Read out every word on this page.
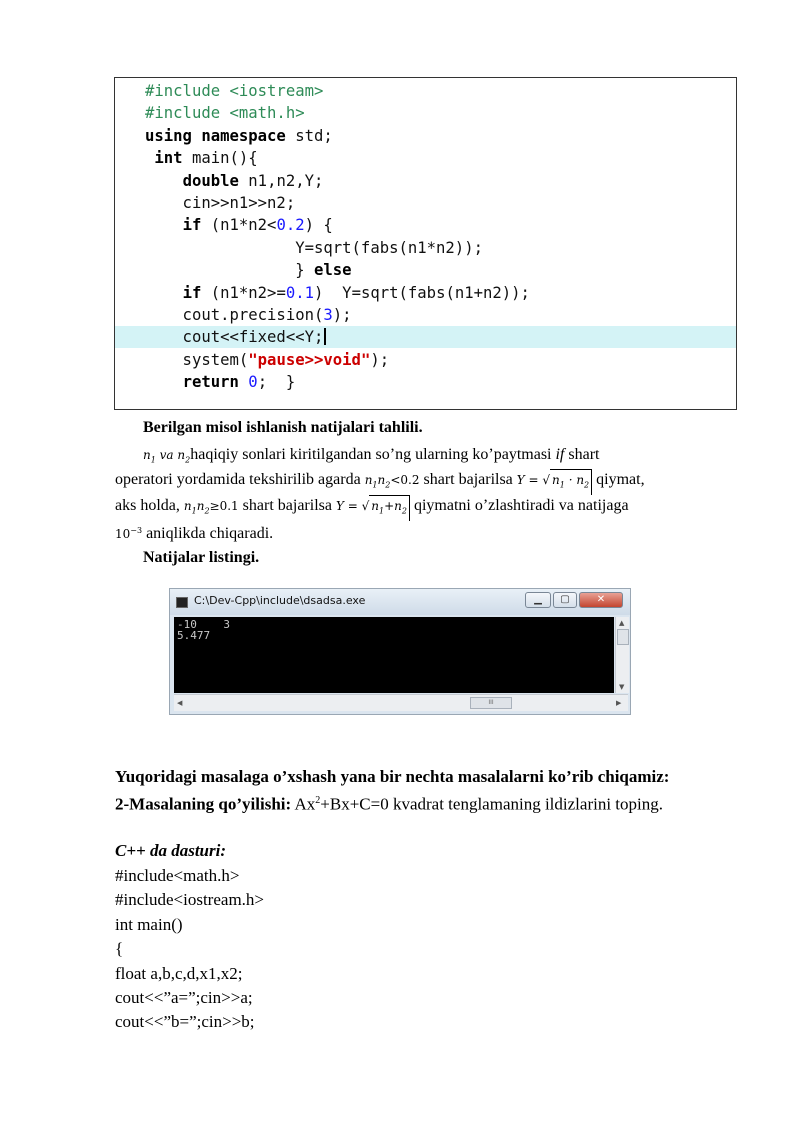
#include <iostream>
#include <math.h>
using namespace std;
int main(){
double n1,n2,Y;
cin>>n1>>n2;
if (n1*n2<0.2) {
Y=sqrt(fabs(n1*n2));
} else
if (n1*n2>=0.1)  Y=sqrt(fabs(n1+n2));
cout.precision(3);
cout<<fixed<<Y;
system("pause>>void");
return 0;  }
Berilgan misol ishlanish natijalari tahlili.
$n_1$ va $n_2haqiqiy$ sonlari kiritilgandan so’ng ularning ko’paytmasi if shart
operatori yordamida tekshirilib agarda $n_1n_2<0.2$ shart bajarilsa Y = √ $n_1 \cdot n_2$ qiymat,
aks holda, $n_1n_2\ge 0.1$ shart bajarilsa Y = √ $n_1+n_2$ qiymatni o’zlashtiradi va natijaga
$10^{-3}$ aniqlikda chiqaradi.
Natijalar listingi.
C:\Dev-Cpp\include\dsadsa.exe	▁	▢	✕
-10    3
5.477
▲
▼
◀	▶
III
Yuqoridagi masalaga o’xshash yana bir nechta masalalarni ko’rib chiqamiz:
2-Masalaning qo’yilishi: $Ax^2+Bx+C=0$ kvadrat tenglamaning ildizlarini toping.
C++ da dasturi:
#include<math.h>
#include<iostream.h>
int main()
{
float a,b,c,d,x1,x2;
cout<<”a=”;cin>>a;
cout<<”b=”;cin>>b;
